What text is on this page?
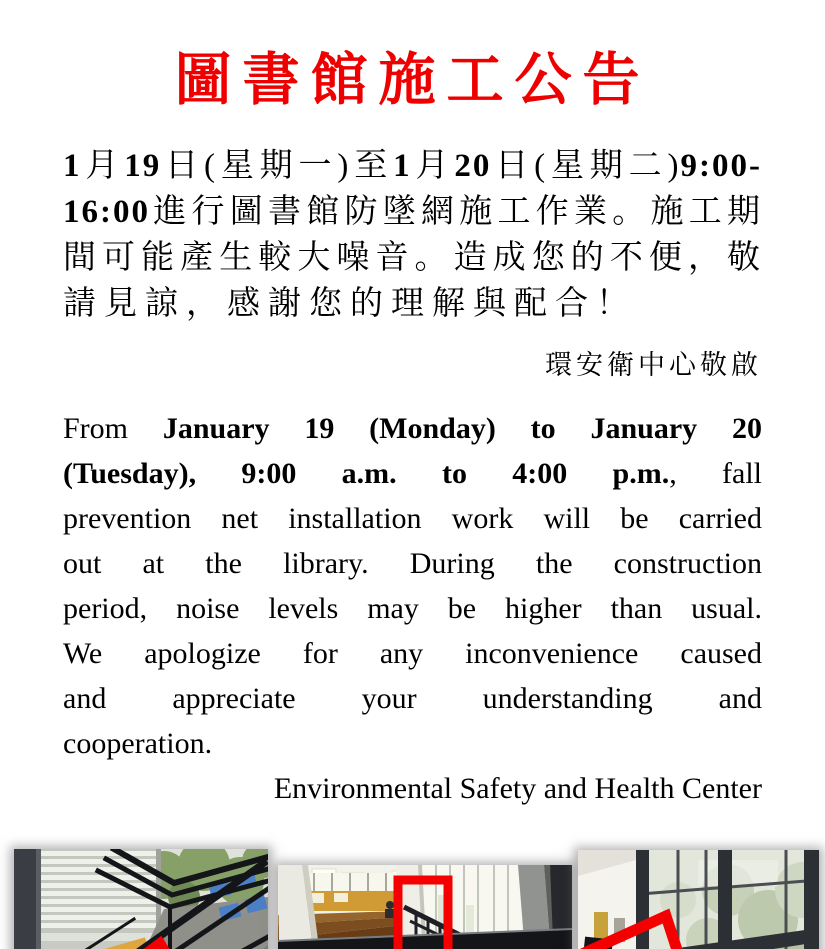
圖書館施工公告
1月19日(星期一)至1月20日(星期二)9:00-
16:00進行圖書館防墜網施工作業。施工期
間可能產生較大噪音。造成您的不便，敬
請見諒，感謝您的理解與配合！
環安衛中心敬啟
From January 19 (Monday) to January 20
(Tuesday), 9:00 a.m. to 4:00 p.m., fall
prevention net installation work will be carried
out at the library. During the construction
period, noise levels may be higher than usual.
We apologize for any inconvenience caused
and appreciate your understanding and
cooperation.
Environmental Safety and Health Center
